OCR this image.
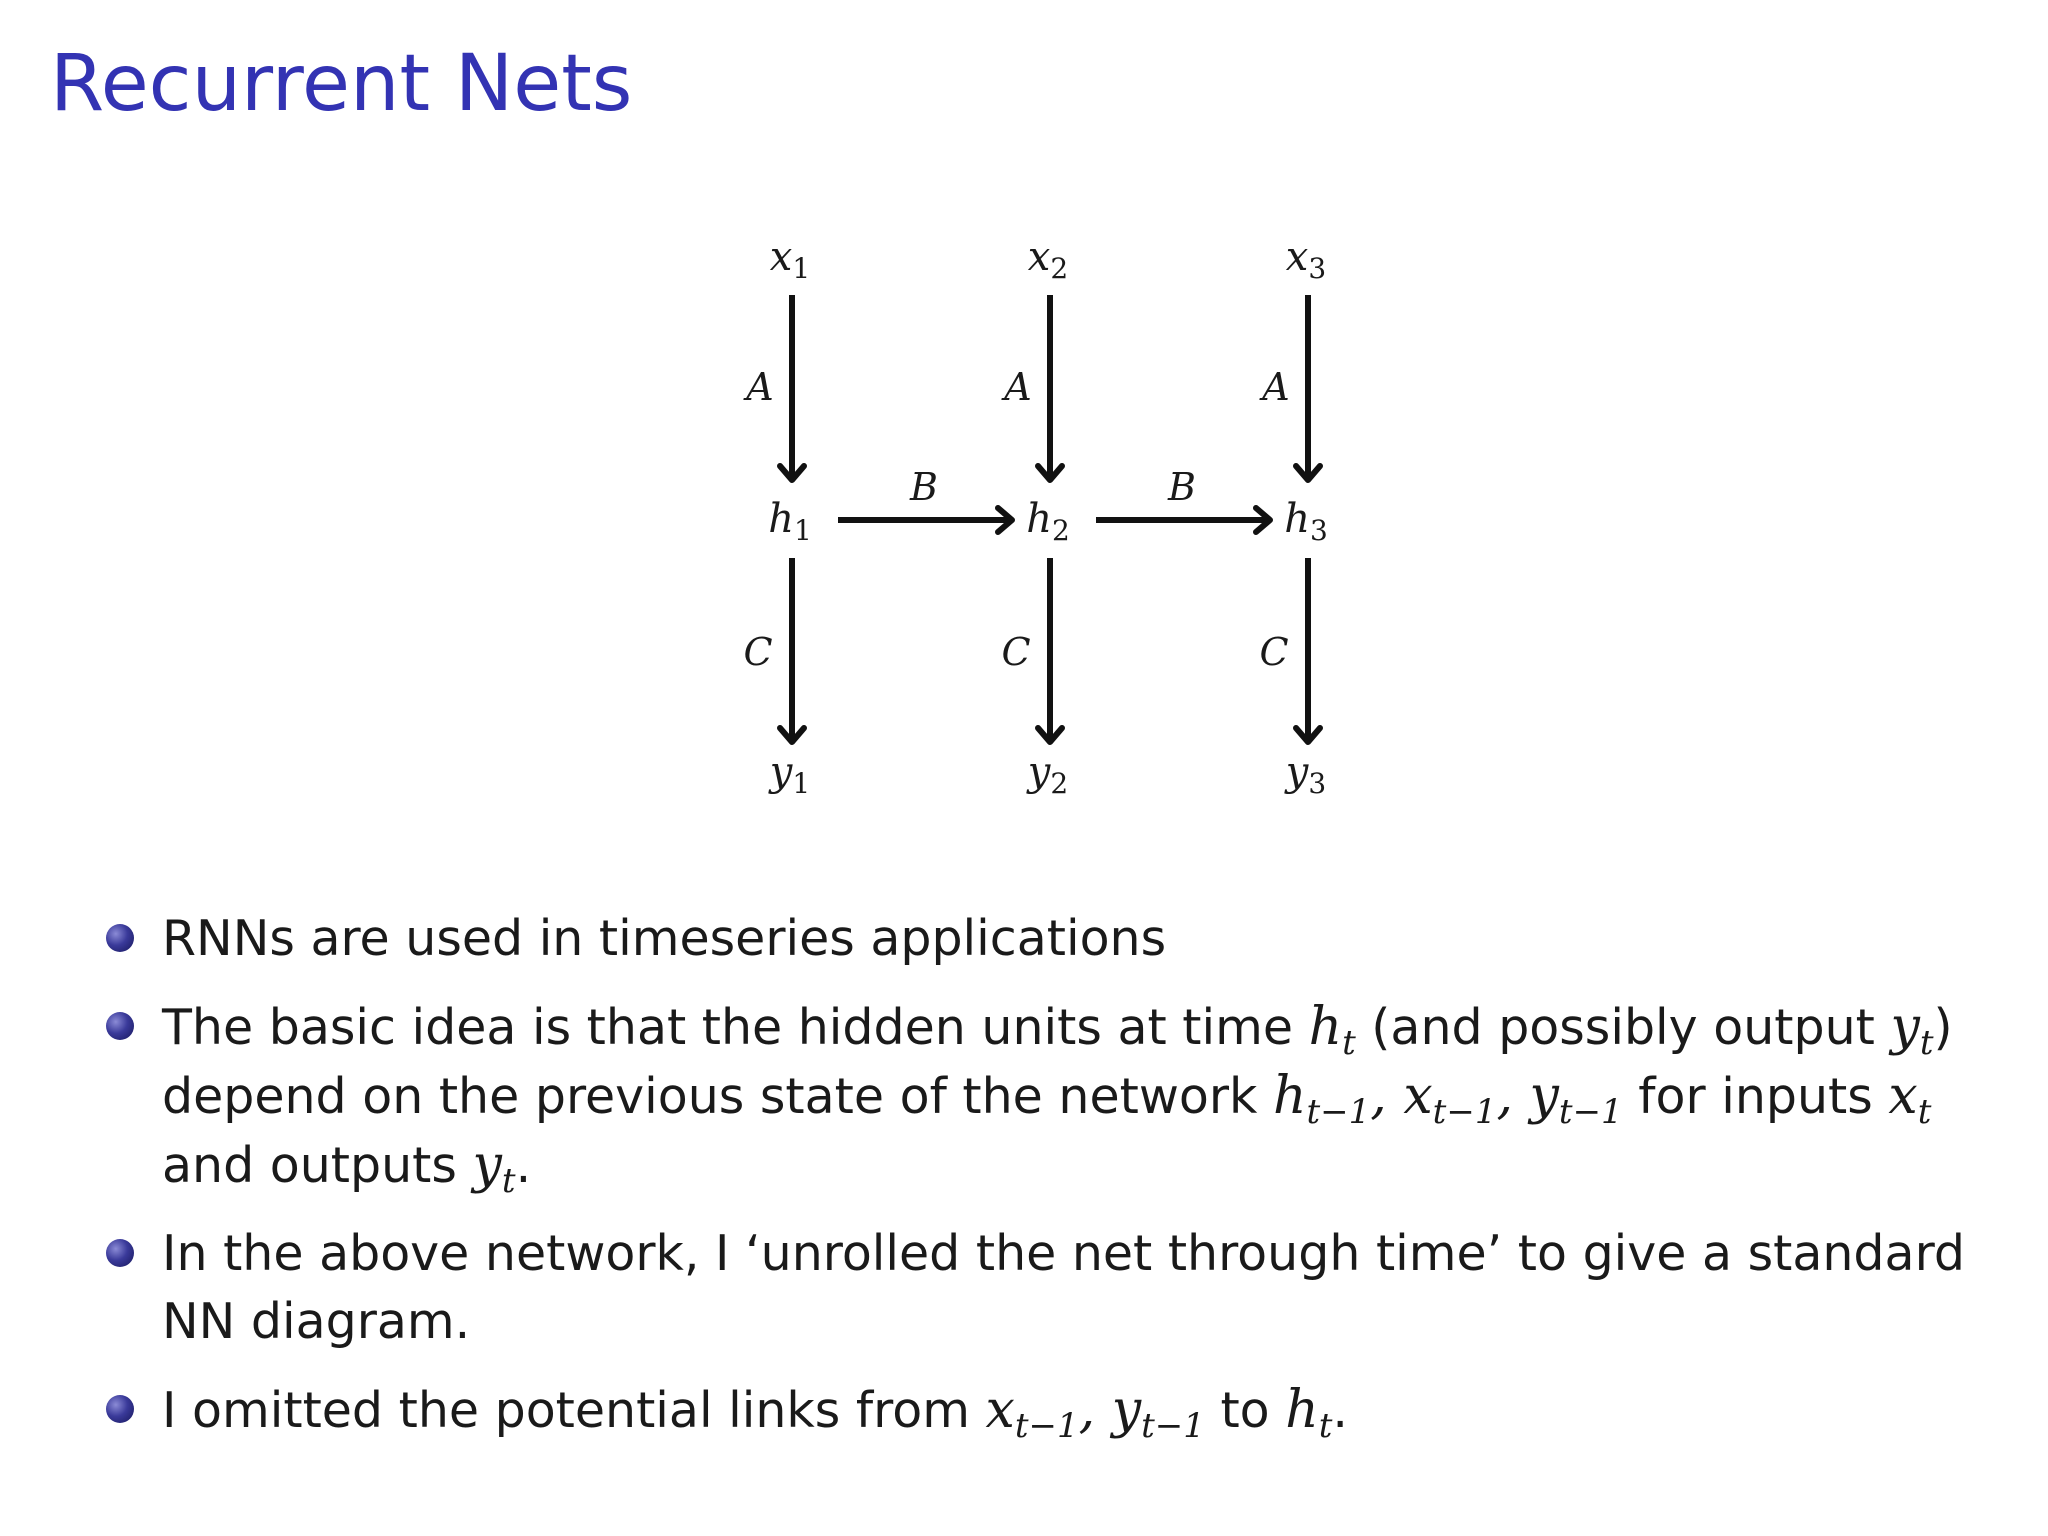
Recurrent Nets
$x_1$
A
$h_1$
C
$y_1$
$x_2$
A
$h_2$
C
$y_2$
$x_3$
A
$h_3$
C
$y_3$
B	B
RNNs are used in timeseries applications
The basic idea is that the hidden units at time $h_t$ (and possibly output $y_t$) depend on the previous state of the network $h_{t-1}$, $x_{t-1}$, $y_{t-1}$ for inputs $x_t$ and outputs $y_t$.
In the above network, I ‘unrolled the net through time’ to give a standard NN diagram.
I omitted the potential links from $x_{t-1}$, $y_{t-1}$ to $h_t$.
